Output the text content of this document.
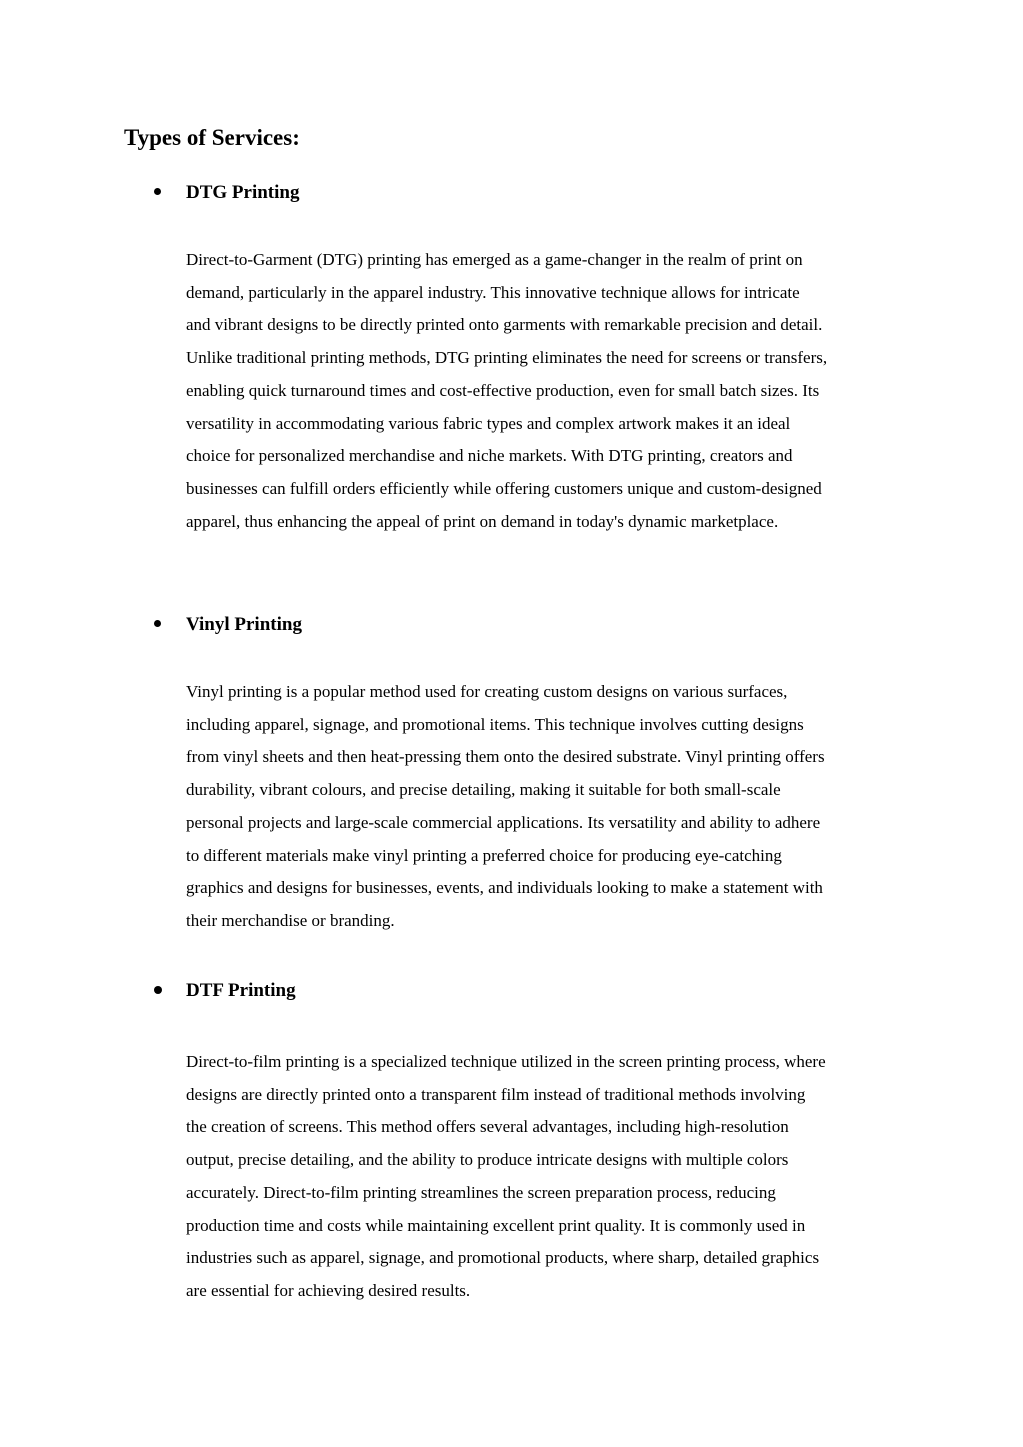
Types of Services:
DTG Printing

Direct-to-Garment (DTG) printing has emerged as a game-changer in the realm of print on
demand, particularly in the apparel industry. This innovative technique allows for intricate
and vibrant designs to be directly printed onto garments with remarkable precision and detail.
Unlike traditional printing methods, DTG printing eliminates the need for screens or transfers,
enabling quick turnaround times and cost-effective production, even for small batch sizes. Its
versatility in accommodating various fabric types and complex artwork makes it an ideal
choice for personalized merchandise and niche markets. With DTG printing, creators and
businesses can fulfill orders efficiently while offering customers unique and custom-designed
apparel, thus enhancing the appeal of print on demand in today's dynamic marketplace.

Vinyl Printing

Vinyl printing is a popular method used for creating custom designs on various surfaces,
including apparel, signage, and promotional items. This technique involves cutting designs
from vinyl sheets and then heat-pressing them onto the desired substrate. Vinyl printing offers
durability, vibrant colours, and precise detailing, making it suitable for both small-scale
personal projects and large-scale commercial applications. Its versatility and ability to adhere
to different materials make vinyl printing a preferred choice for producing eye-catching
graphics and designs for businesses, events, and individuals looking to make a statement with
their merchandise or branding.

DTF Printing

Direct-to-film printing is a specialized technique utilized in the screen printing process, where
designs are directly printed onto a transparent film instead of traditional methods involving
the creation of screens. This method offers several advantages, including high-resolution
output, precise detailing, and the ability to produce intricate designs with multiple colors
accurately. Direct-to-film printing streamlines the screen preparation process, reducing
production time and costs while maintaining excellent print quality. It is commonly used in
industries such as apparel, signage, and promotional products, where sharp, detailed graphics
are essential for achieving desired results.
